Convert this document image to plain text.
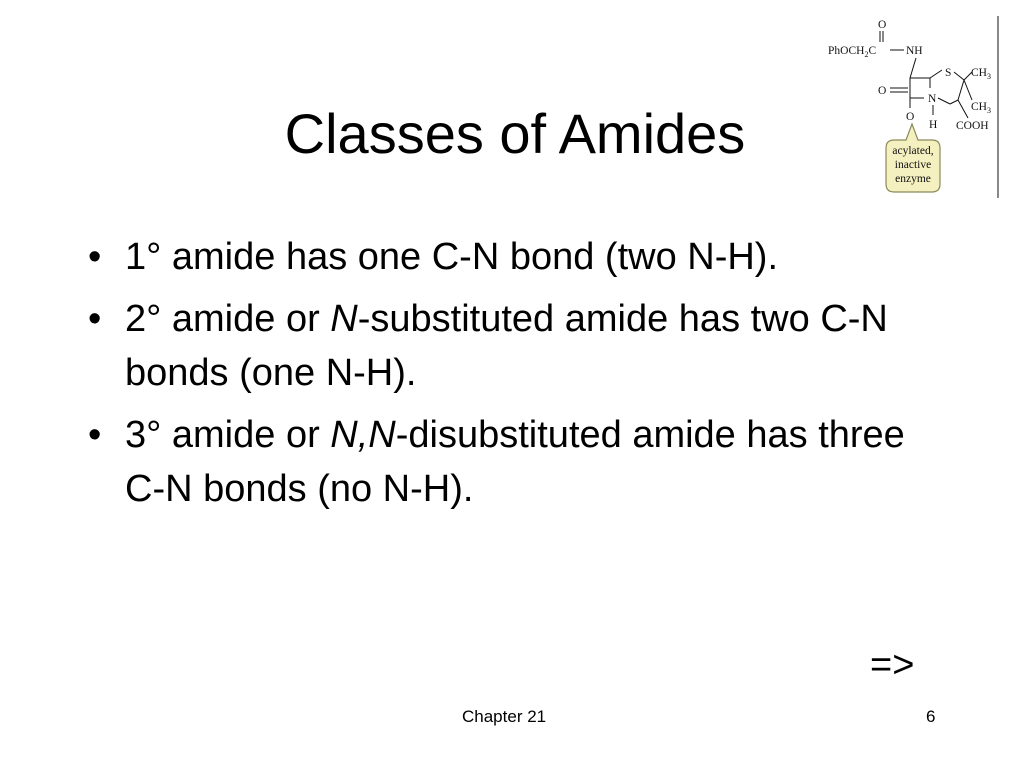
Classes of Amides
O
PhOCH$_2$C	NH
S $CH_3$
$CH_3$
COOH
N
H
O
O
acylated,
inactive
enzyme
• 1° amide has one C-N bond (two N-H).
• 2° amide or N-substituted amide has two C-N bonds (one N-H).
• 3° amide or N,N-disubstituted amide has three C-N bonds (no N-H).
=>
Chapter 21	6
